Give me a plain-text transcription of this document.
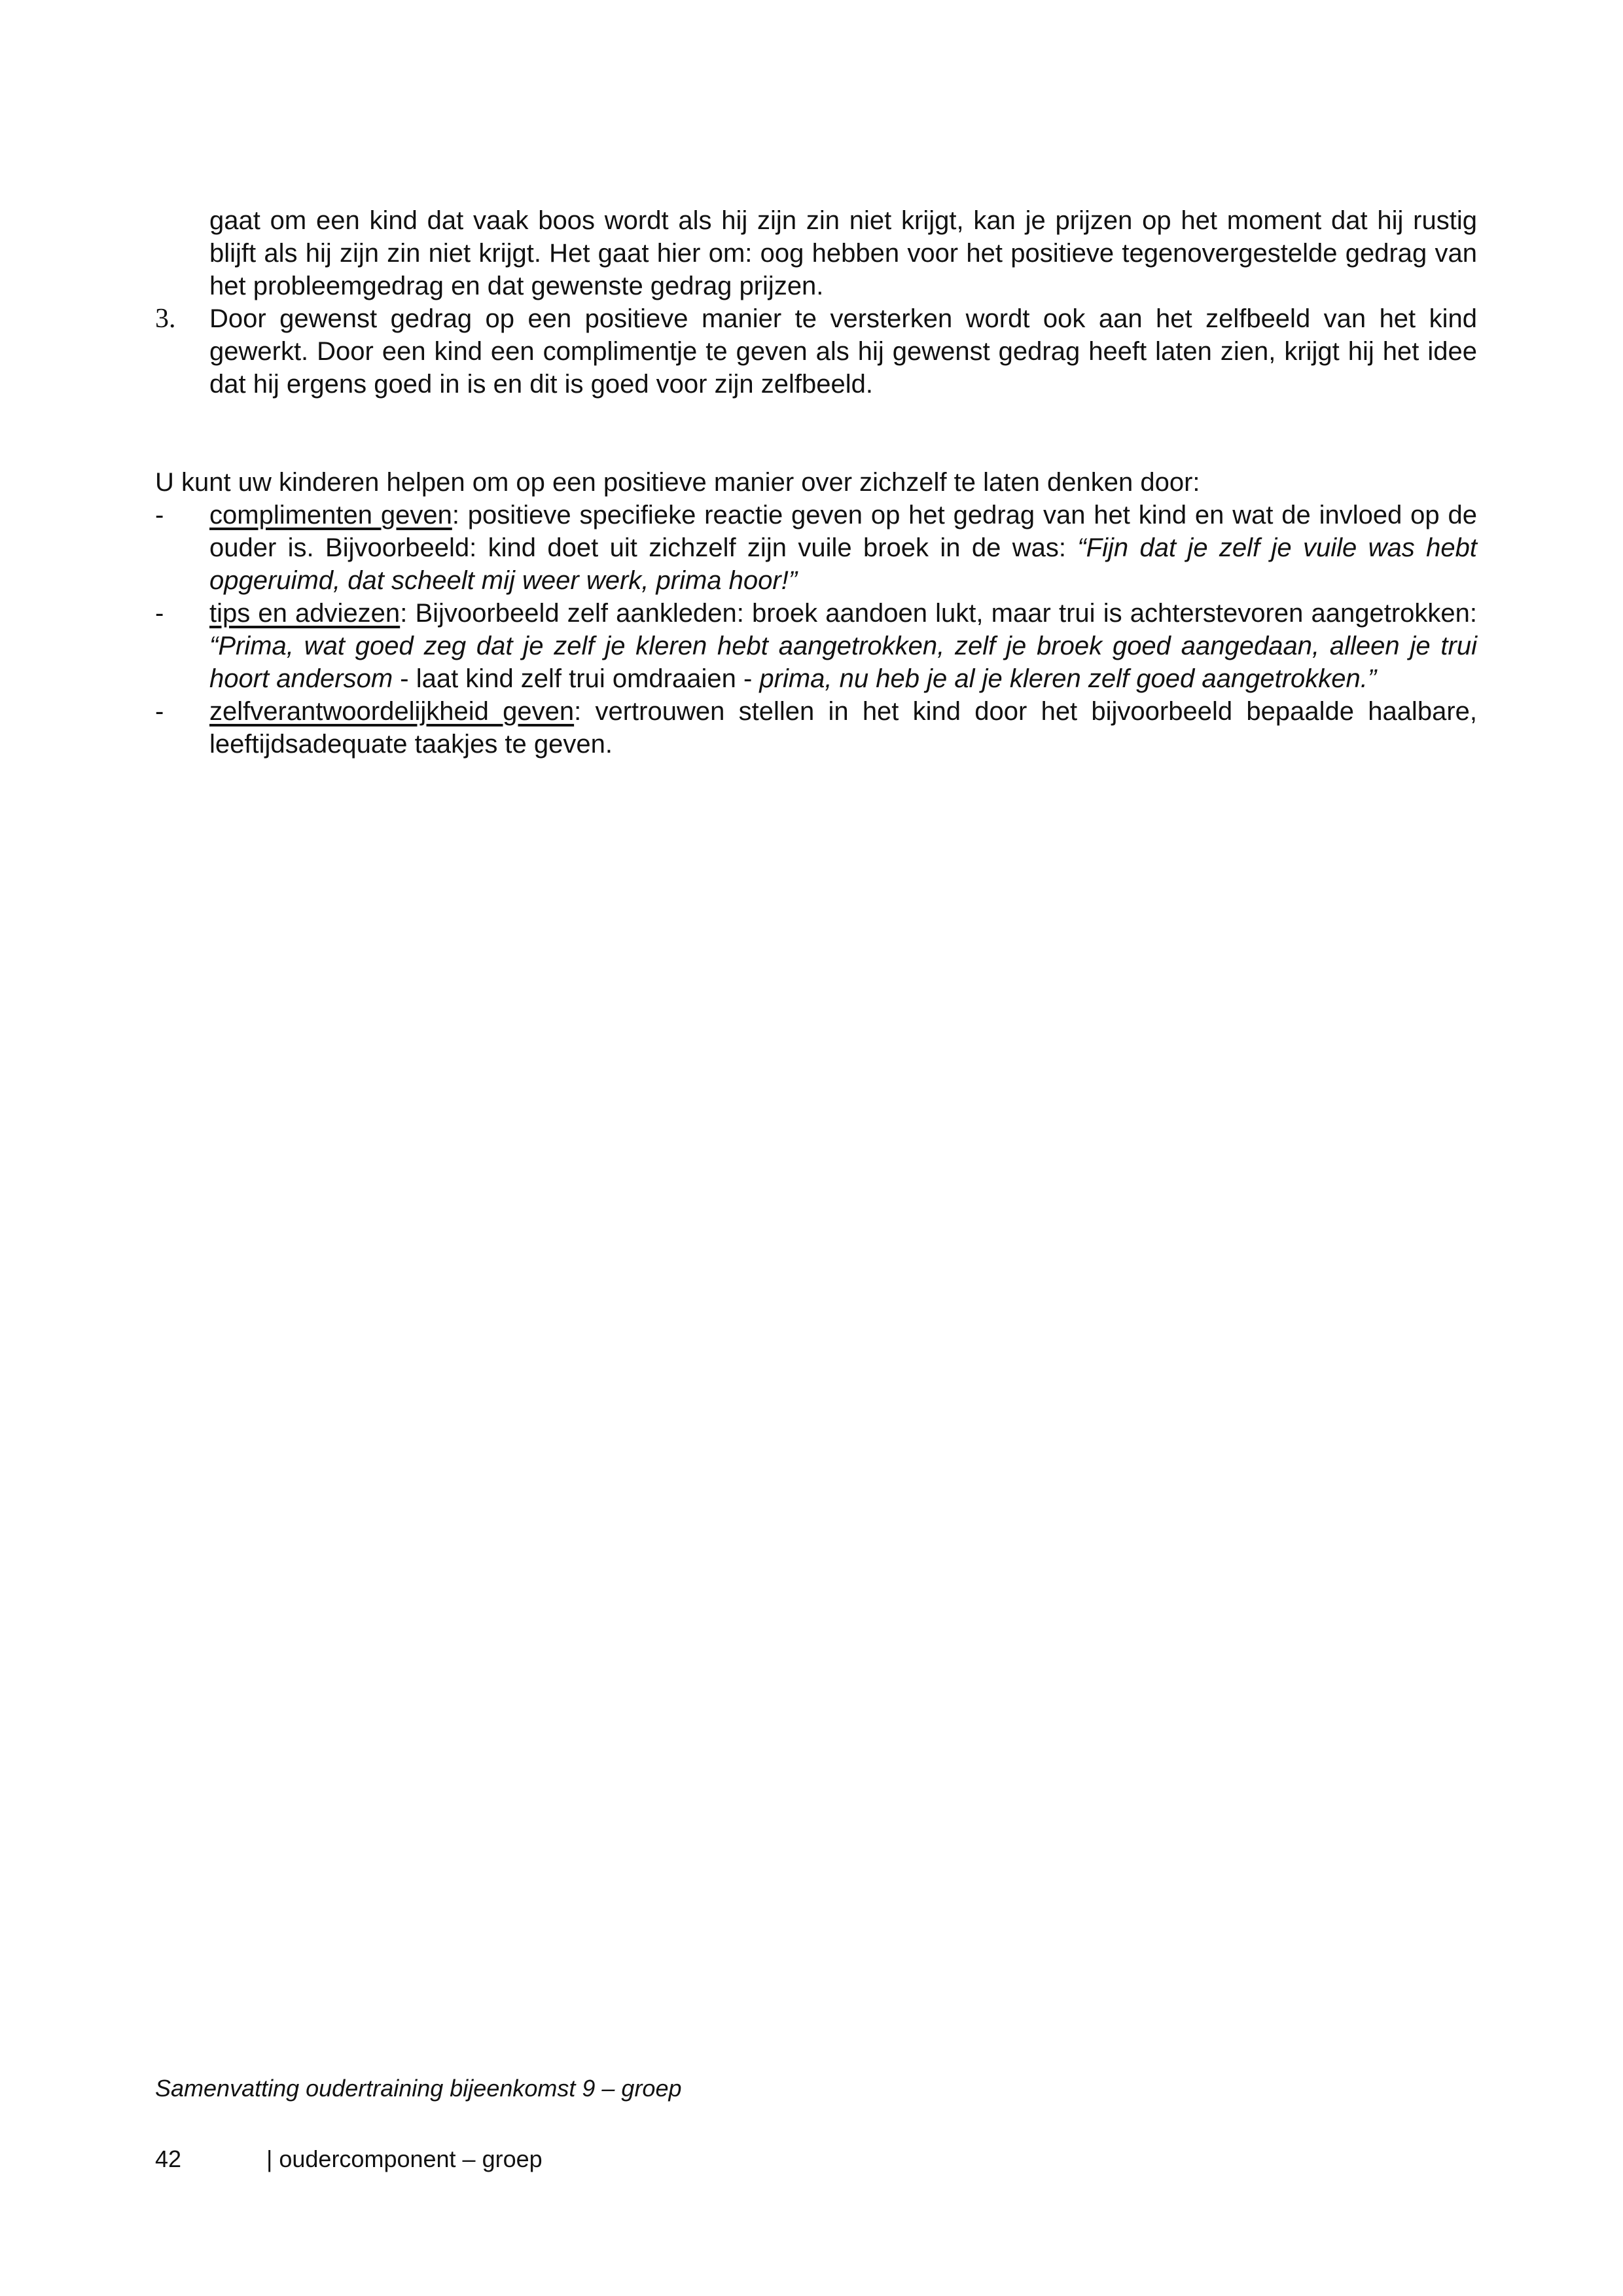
gaat om een kind dat vaak boos wordt als hij zijn zin niet krijgt, kan je prijzen op het moment dat hij rustig blijft als hij zijn zin niet krijgt. Het gaat hier om: oog hebben voor het positieve tegenovergestelde gedrag van het probleemgedrag en dat gewenste gedrag prijzen.
3. Door gewenst gedrag op een positieve manier te versterken wordt ook aan het zelfbeeld van het kind gewerkt. Door een kind een complimentje te geven als hij gewenst gedrag heeft laten zien, krijgt hij het idee dat hij ergens goed in is en dit is goed voor zijn zelfbeeld.

U kunt uw kinderen helpen om op een positieve manier over zichzelf te laten denken door:

- complimenten geven: positieve specifieke reactie geven op het gedrag van het kind en wat de invloed op de ouder is. Bijvoorbeeld: kind doet uit zichzelf zijn vuile broek in de was: “Fijn dat je zelf je vuile was hebt opgeruimd, dat scheelt mij weer werk, prima hoor!”
- tips en adviezen: Bijvoorbeeld zelf aankleden: broek aandoen lukt, maar trui is achterstevoren aangetrokken: “Prima, wat goed zeg dat je zelf je kleren hebt aangetrokken, zelf je broek goed aangedaan, alleen je trui hoort andersom - laat kind zelf trui omdraaien - prima, nu heb je al je kleren zelf goed aangetrokken.”
- zelfverantwoordelijkheid geven: vertrouwen stellen in het kind door het bijvoorbeeld bepaalde haalbare, leeftijdsadequate taakjes te geven.
Samenvatting oudertraining bijeenkomst 9 – groep
42	| oudercomponent – groep
